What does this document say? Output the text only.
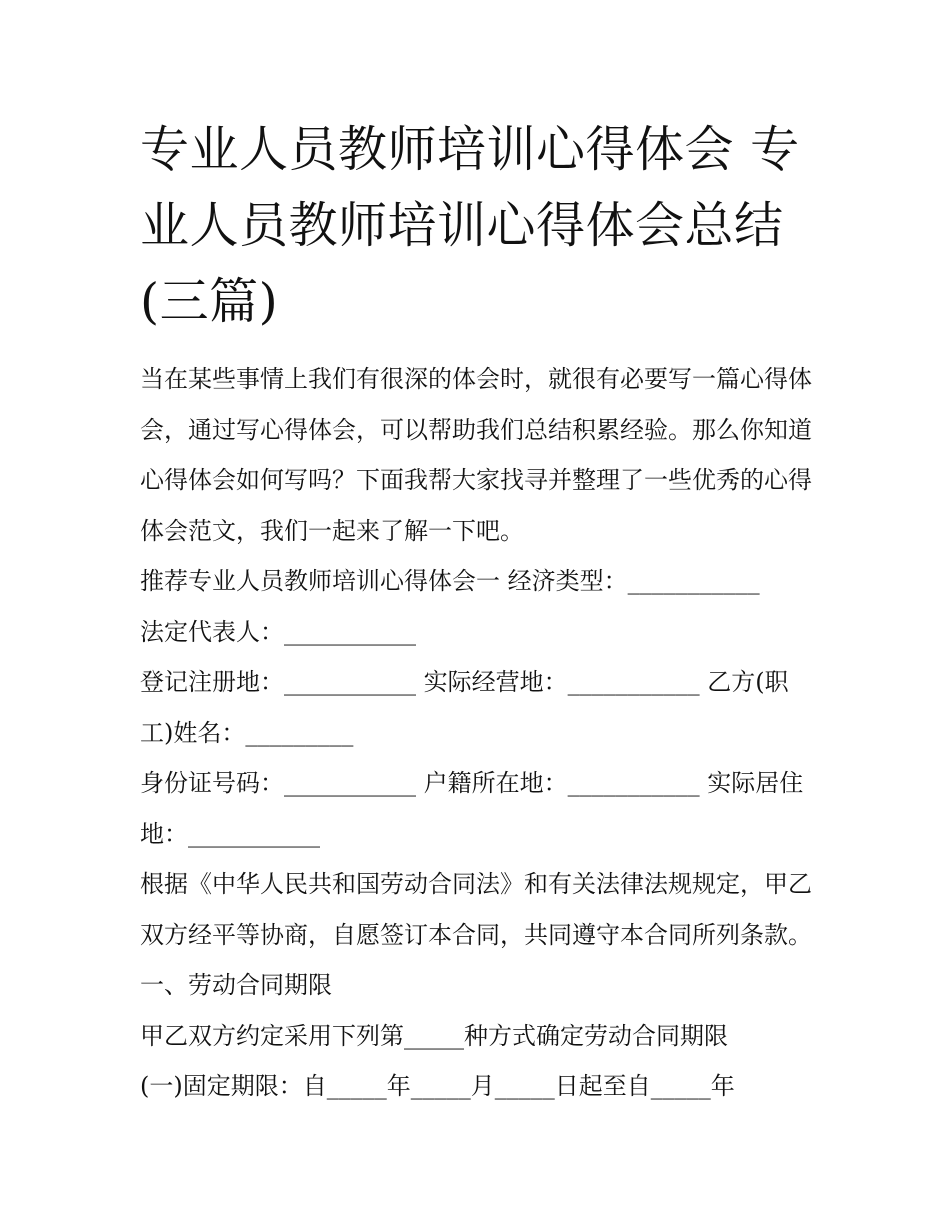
专业人员教师培训心得体会 专业人员教师培训心得体会总结(三篇)

当在某些事情上我们有很深的体会时，就很有必要写一篇心得体会，通过写心得体会，可以帮助我们总结积累经验。那么你知道心得体会如何写吗？下面我帮大家找寻并整理了一些优秀的心得体会范文，我们一起来了解一下吧。

推荐专业人员教师培训心得体会一 经济类型：___________

法定代表人：___________

登记注册地：___________ 实际经营地：___________ 乙方(职工)姓名：_________

身份证号码：___________ 户籍所在地：___________ 实际居住地：___________

根据《中华人民共和国劳动合同法》和有关法律法规规定，甲乙双方经平等协商，自愿签订本合同，共同遵守本合同所列条款。 一、劳动合同期限

甲乙双方约定采用下列第_____种方式确定劳动合同期限

(一)固定期限：自_____年_____月_____日起至自_____年
